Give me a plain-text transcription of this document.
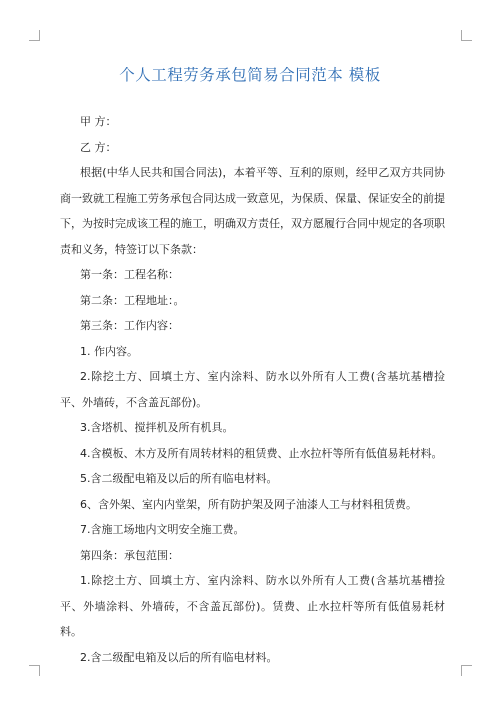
个人工程劳务承包简易合同范本 模板
甲 方：
乙 方：

根据(中华人民共和国合同法)，本着平等、互利的原则，经甲乙双方共同协商一致就工程施工劳务承包合同达成一致意见，为保质、保量、保证安全的前提下，为按时完成该工程的施工，明确双方责任，双方愿履行合同中规定的各项职责和义务，特签订以下条款：

第一条：工程名称：
第二条：工程地址：。
第三条：工作内容：
1. 作内容。

2.除挖土方、回填土方、室内涂料、防水以外所有人工费(含基坑基槽捡平、外墙砖，不含盖瓦部份)。

3.含塔机、搅拌机及所有机具。
4.含模板、木方及所有周转材料的租赁费、止水拉杆等所有低值易耗材料。
5.含二级配电箱及以后的所有临电材料。
6、含外架、室内内堂架，所有防护架及网子油漆人工与材料租赁费。
7.含施工场地内文明安全施工费。
第四条：承包范围：

1.除挖土方、回填土方、室内涂料、防水以外所有人工费(含基坑基槽捡平、外墙涂料、外墙砖，不含盖瓦部份)。赁费、止水拉杆等所有低值易耗材料。

2.含二级配电箱及以后的所有临电材料。
